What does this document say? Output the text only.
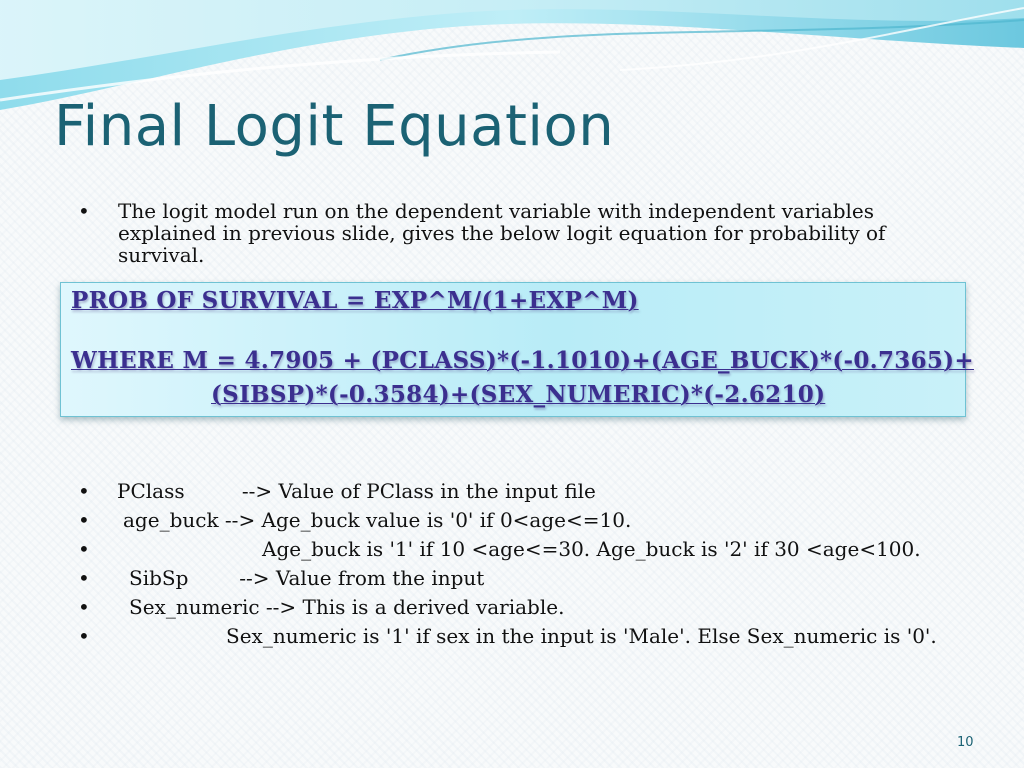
Final Logit Equation
• The logit model run on the dependent variable with independent variables explained in previous slide, gives the below logit equation for probability of survival.
PROB OF SURVIVAL = EXP^M/(1+EXP^M)
WHERE M = 4.7905 + (PCLASS)*(-1.1010)+(AGE_BUCK)*(-0.7365)+
(SIBSP)*(-0.3584)+(SEX_NUMERIC)*(-2.6210)
• PClass         --> Value of PClass in the input file
• age_buck --> Age_buck value is '0' if 0<age<=10.
•	Age_buck is '1' if 10 <age<=30. Age_buck is '2' if 30 <age<100.
• SibSp        --> Value from the input
• Sex_numeric --> This is a derived variable.
•	Sex_numeric is '1' if sex in the input is 'Male'. Else Sex_numeric is '0'.
10
